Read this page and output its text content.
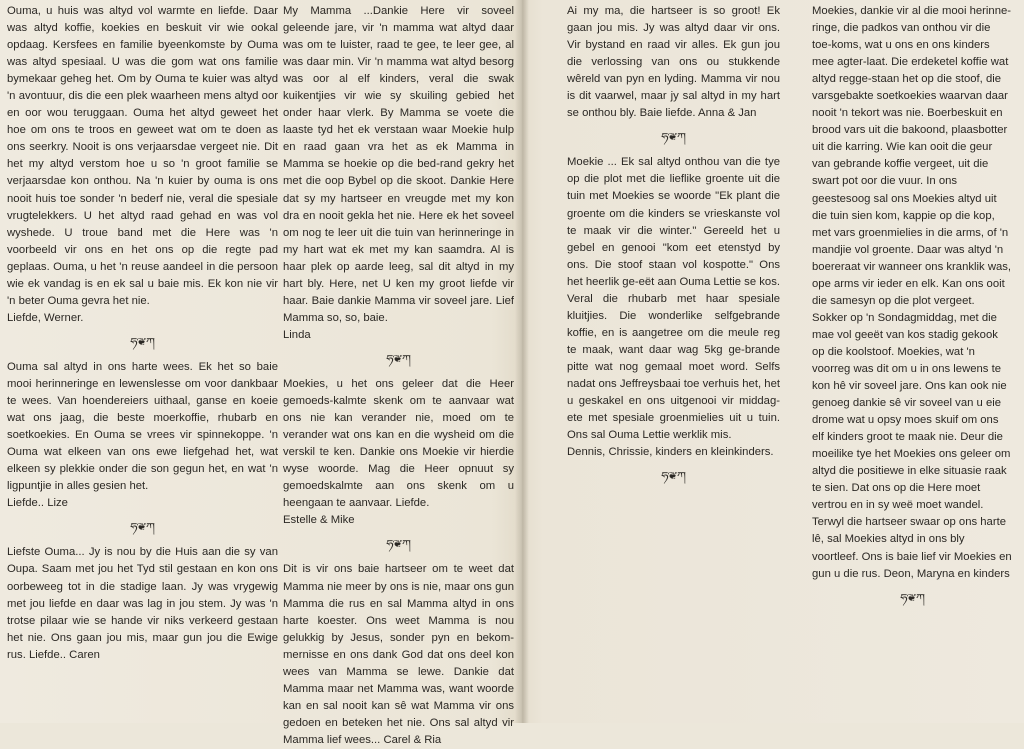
Ouma, u huis was altyd vol warmte en liefde. Daar was altyd koffie, koekies en beskuit vir wie ookal opdaag. Kersfees en familie byeenkomste by Ouma was altyd spesiaal. U was die gom wat ons familie bymekaar geheg het. Om by Ouma te kuier was altyd 'n avontuur, dis die een plek waarheen mens altyd oor en oor wou teruggaan. Ouma het altyd geweet het hoe om ons te troos en geweet wat om te doen as ons seerkry. Nooit is ons verjaarsdae vergeet nie. Dit het my altyd verstom hoe u so 'n groot familie se verjaarsdae kon onthou. Na 'n kuier by ouma is ons nooit huis toe sonder 'n bederf nie, veral die spesiale vrugtelekkers. U het altyd raad gehad en was vol wyshede. U troue band met die Here was 'n voorbeeld vir ons en het ons op die regte pad geplaas. Ouma, u het 'n reuse aandeel in die persoon wie ek vandag is en ek sal u baie mis. Ek kon nie vir 'n beter Ouma gevra het nie.

Liefde, Werner.

ཧ❦ཀ

Ouma sal altyd in ons harte wees. Ek het so baie mooi herinneringe en lewenslesse om voor dankbaar te wees. Van hoendereiers uithaal, ganse en koeie wat ons jaag, die beste moerkoffie, rhubarb en soetkoekies. En Ouma se vrees vir spinnekoppe. 'n Ouma wat elkeen van ons ewe liefgehad het, wat elkeen sy plekkie onder die son gegun het, en wat 'n ligpuntjie in alles gesien het.

Liefde.. Lize

ཧ❦ཀ

Liefste Ouma... Jy is nou by die Huis aan die sy van Oupa. Saam met jou het Tyd stil gestaan en kon ons oorbeweeg tot in die stadige laan. Jy was vrygewig met jou liefde en daar was lag in jou stem. Jy was 'n trotse pilaar wie se hande vir niks verkeerd gestaan het nie. Ons gaan jou mis, maar gun jou die Ewige rus. Liefde.. Caren

My Mamma ...Dankie Here vir soveel geleende jare, vir 'n mamma wat altyd daar was om te luister, raad te gee, te leer gee, al was daar min. Vir 'n mamma wat altyd besorg was oor al elf kinders, veral die swak kuikentjies vir wie sy skuiling gebied het onder haar vlerk. By Mamma se voete die laaste tyd het ek verstaan waar Moekie hulp en raad gaan vra het as ek Mamma in Mamma se hoekie op die bed-rand gekry het met die oop Bybel op die skoot. Dankie Here dat sy my hartseer en vreugde met my kon dra en nooit gekla het nie. Here ek het soveel om nog te leer uit die tuin van herinneringe in my hart wat ek met my kan saamdra. Al is haar plek op aarde leeg, sal dit altyd in my hart bly. Here, net U ken my groot liefde vir haar. Baie dankie Mamma vir soveel jare. Lief Mamma so, so, baie.

Linda

ཧ❦ཀ

Moekies, u het ons geleer dat die Heer gemoeds-kalmte skenk om te aanvaar wat ons nie kan verander nie, moed om te verander wat ons kan en die wysheid om die verskil te ken. Dankie ons Moekie vir hierdie wyse woorde. Mag die Heer opnuut sy gemoedskalmte aan ons skenk om u heengaan te aanvaar. Liefde.

Estelle & Mike

ཧ❦ཀ

Dit is vir ons baie hartseer om te weet dat Mamma nie meer by ons is nie, maar ons gun Mamma die rus en sal Mamma altyd in ons harte koester. Ons weet Mamma is nou gelukkig by Jesus, sonder pyn en bekom-mernisse en ons dank God dat ons deel kon wees van Mamma se lewe. Dankie dat Mamma maar net Mamma was, want woorde kan en sal nooit kan sê wat Mamma vir ons gedoen en beteken het nie. Ons sal altyd vir Mamma lief wees... Carel & Ria

Ai my ma, die hartseer is so groot! Ek gaan jou mis. Jy was altyd daar vir ons. Vir bystand en raad vir alles. Ek gun jou die verlossing van ons ou stukkende wêreld van pyn en lyding. Mamma vir nou is dit vaarwel, maar jy sal altyd in my hart se onthou bly. Baie liefde. Anna & Jan

ཧ❦ཀ

Moekie ... Ek sal altyd onthou van die tye op die plot met die lieflike groente uit die tuin met Moekies se woorde "Ek plant die groente om die kinders se vrieskanste vol te maak vir die winter." Gereeld het u gebel en genooi "kom eet etenstyd by ons. Die stoof staan vol kospotte." Ons het heerlik ge-eët aan Ouma Lettie se kos. Veral die rhubarb met haar spesiale kluitjies. Die wonderlike selfgebrande koffie, en is aangetree om die meule reg te maak, want daar wag 5kg ge-brande pitte wat nog gemaal moet word. Selfs nadat ons Jeffreysbaai toe verhuis het, het u geskakel en ons uitgenooi vir middag-ete met spesiale groenmielies uit u tuin. Ons sal Ouma Lettie werklik mis.

Dennis, Chrissie, kinders en kleinkinders.

ཧ❦ཀ

Moekies, dankie vir al die mooi herinne-ringe, die padkos van onthou vir die toe-koms, wat u ons en ons kinders mee agter-laat. Die erdeketel koffie wat altyd regge-staan het op die stoof, die varsgebakte soetkoekies waarvan daar nooit 'n tekort was nie. Boerbeskuit en brood vars uit die bakoond, plaasbotter uit die karring. Wie kan ooit die geur van gebrande koffie vergeet, uit die swart pot oor die vuur. In ons geestesoog sal ons Moekies altyd uit die tuin sien kom, kappie op die kop, met vars groenmielies in die arms, of 'n mandjie vol groente. Daar was altyd 'n boereraat vir wanneer ons kranklik was, ope arms vir ieder en elk. Kan ons ooit die samesyn op die plot vergeet. Sokker op 'n Sondagmiddag, met die mae vol geeët van kos stadig gekook op die koolstoof. Moekies, wat 'n voorreg was dit om u in ons lewens te kon hê vir soveel jare. Ons kan ook nie genoeg dankie sê vir soveel van u eie drome wat u opsy moes skuif om ons elf kinders groot te maak nie. Deur die moeilike tye het Moekies ons geleer om altyd die positiewe in elke situasie raak te sien. Dat ons op die Here moet vertrou en in sy weë moet wandel. Terwyl die hartseer swaar op ons harte lê, sal Moekies altyd in ons bly voortleef. Ons is baie lief vir Moekies en gun u die rus. Deon, Maryna en kinders

ཧ❦ཀ
